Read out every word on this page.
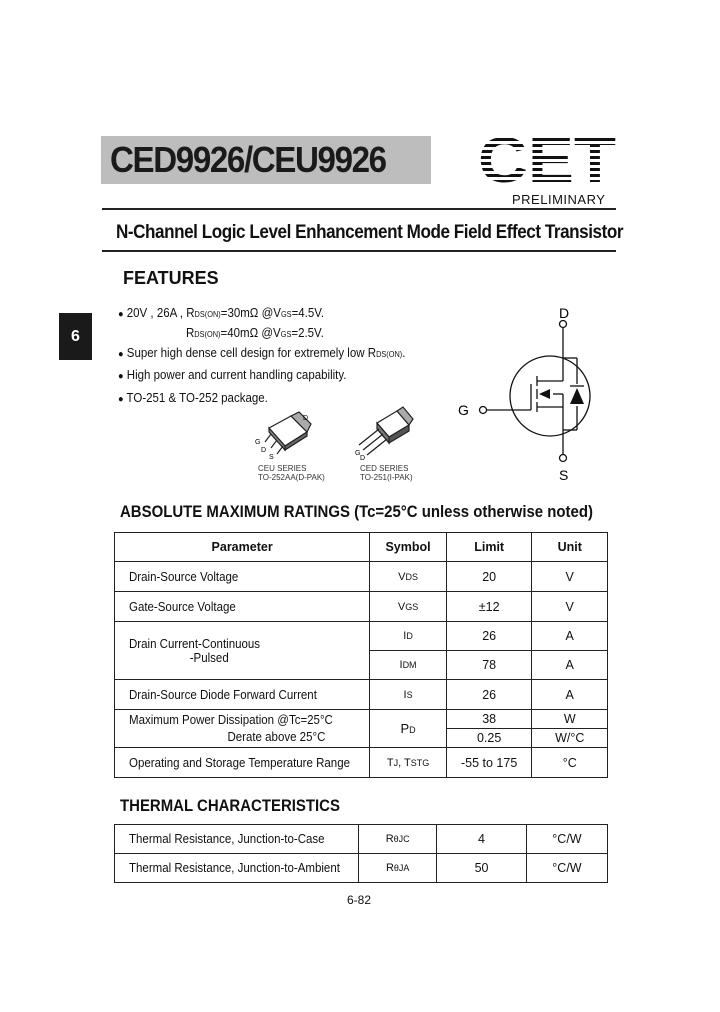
CED9926/CEU9926	CET
PRELIMINARY
N-Channel Logic Level Enhancement Mode Field Effect Transistor
6
FEATURES
● 20V , 26A , RDS(ON)=30mΩ @VGS=4.5V.
RDS(ON)=40mΩ @VGS=2.5V.
● Super high dense cell design for extremely low RDS(ON).
● High power and current handling capability.
● TO-251 & TO-252 package.
G
D
S
D
CEU SERIES
TO-252AA(D-PAK)
G
D
CED SERIES
TO-251(I-PAK)
D
G
S
ABSOLUTE MAXIMUM RATINGS (Tc=25°C unless otherwise noted)
Parameter	Symbol	Limit	Unit
Drain-Source Voltage	VDS	20	V
Gate-Source Voltage	VGS	±12	V
Drain Current-Continuous
-Pulsed	ID	26	A
	IDM	78	A
Drain-Source Diode Forward Current	IS	26	A
Maximum Power Dissipation @Tc=25°C
Derate above 25°C	PD	38	W
		0.25	W/°C
Operating and Storage Temperature Range	TJ, TSTG	-55 to 175	°C
THERMAL CHARACTERISTICS
Thermal Resistance, Junction-to-Case	RθJC	4	°C/W
Thermal Resistance, Junction-to-Ambient	RθJA	50	°C/W
6-82
